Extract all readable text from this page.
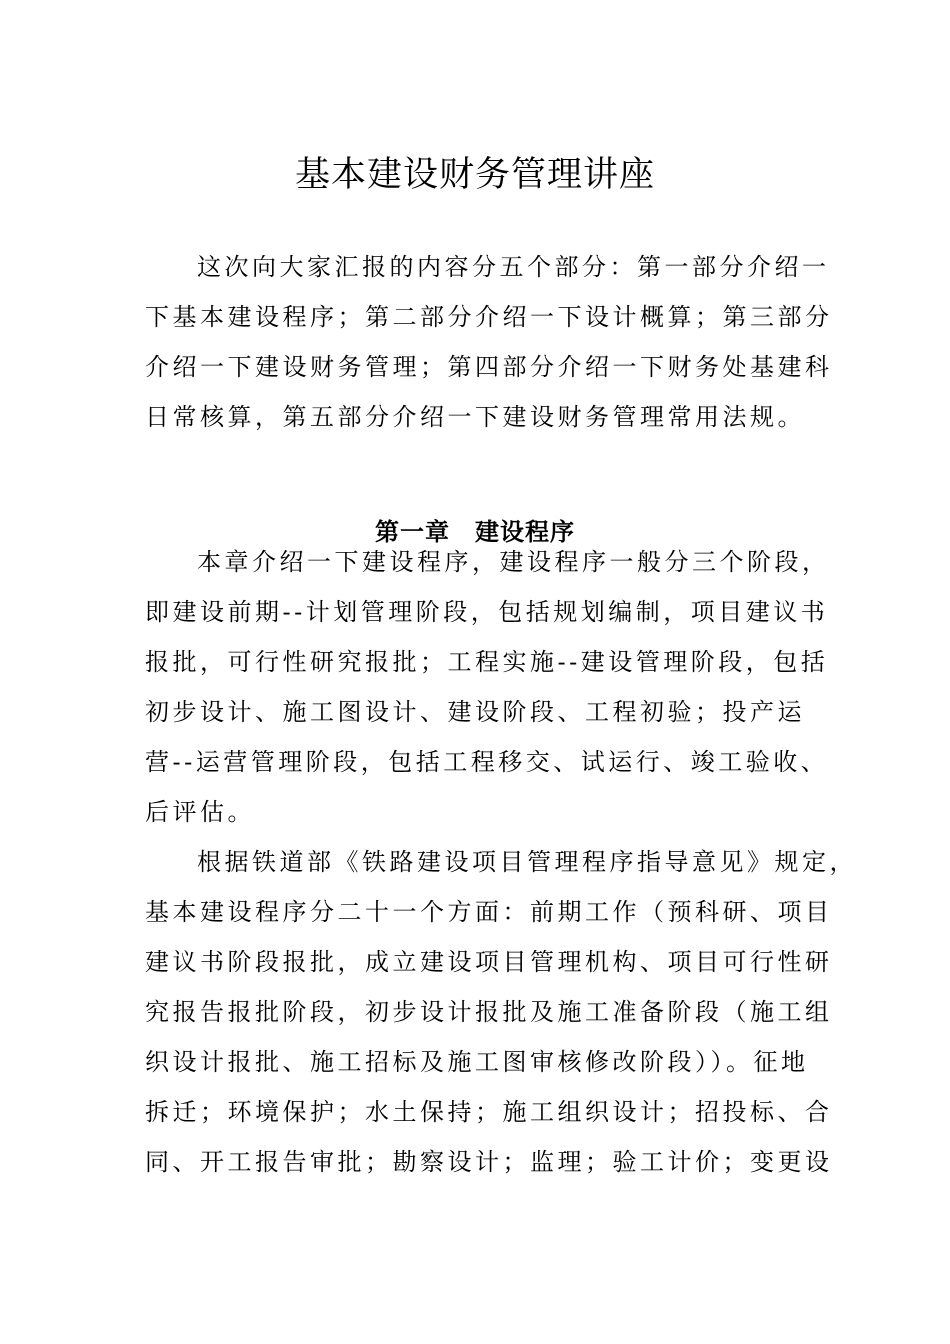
基本建设财务管理讲座

这次向大家汇报的内容分五个部分：第一部分介绍一
下基本建设程序；第二部分介绍一下设计概算；第三部分
介绍一下建设财务管理；第四部分介绍一下财务处基建科
日常核算，第五部分介绍一下建设财务管理常用法规。

第一章　建设程序

本章介绍一下建设程序，建设程序一般分三个阶段，
即建设前期--计划管理阶段，包括规划编制，项目建议书
报批，可行性研究报批；工程实施--建设管理阶段，包括
初步设计、施工图设计、建设阶段、工程初验；投产运
营--运营管理阶段，包括工程移交、试运行、竣工验收、
后评估。

根据铁道部《铁路建设项目管理程序指导意见》规定，
基本建设程序分二十一个方面：前期工作（预科研、项目
建议书阶段报批，成立建设项目管理机构、项目可行性研
究报告报批阶段，初步设计报批及施工准备阶段（施工组
织设计报批、施工招标及施工图审核修改阶段））。征地
拆迁；环境保护；水土保持；施工组织设计；招投标、合
同、开工报告审批；勘察设计；监理；验工计价；变更设
